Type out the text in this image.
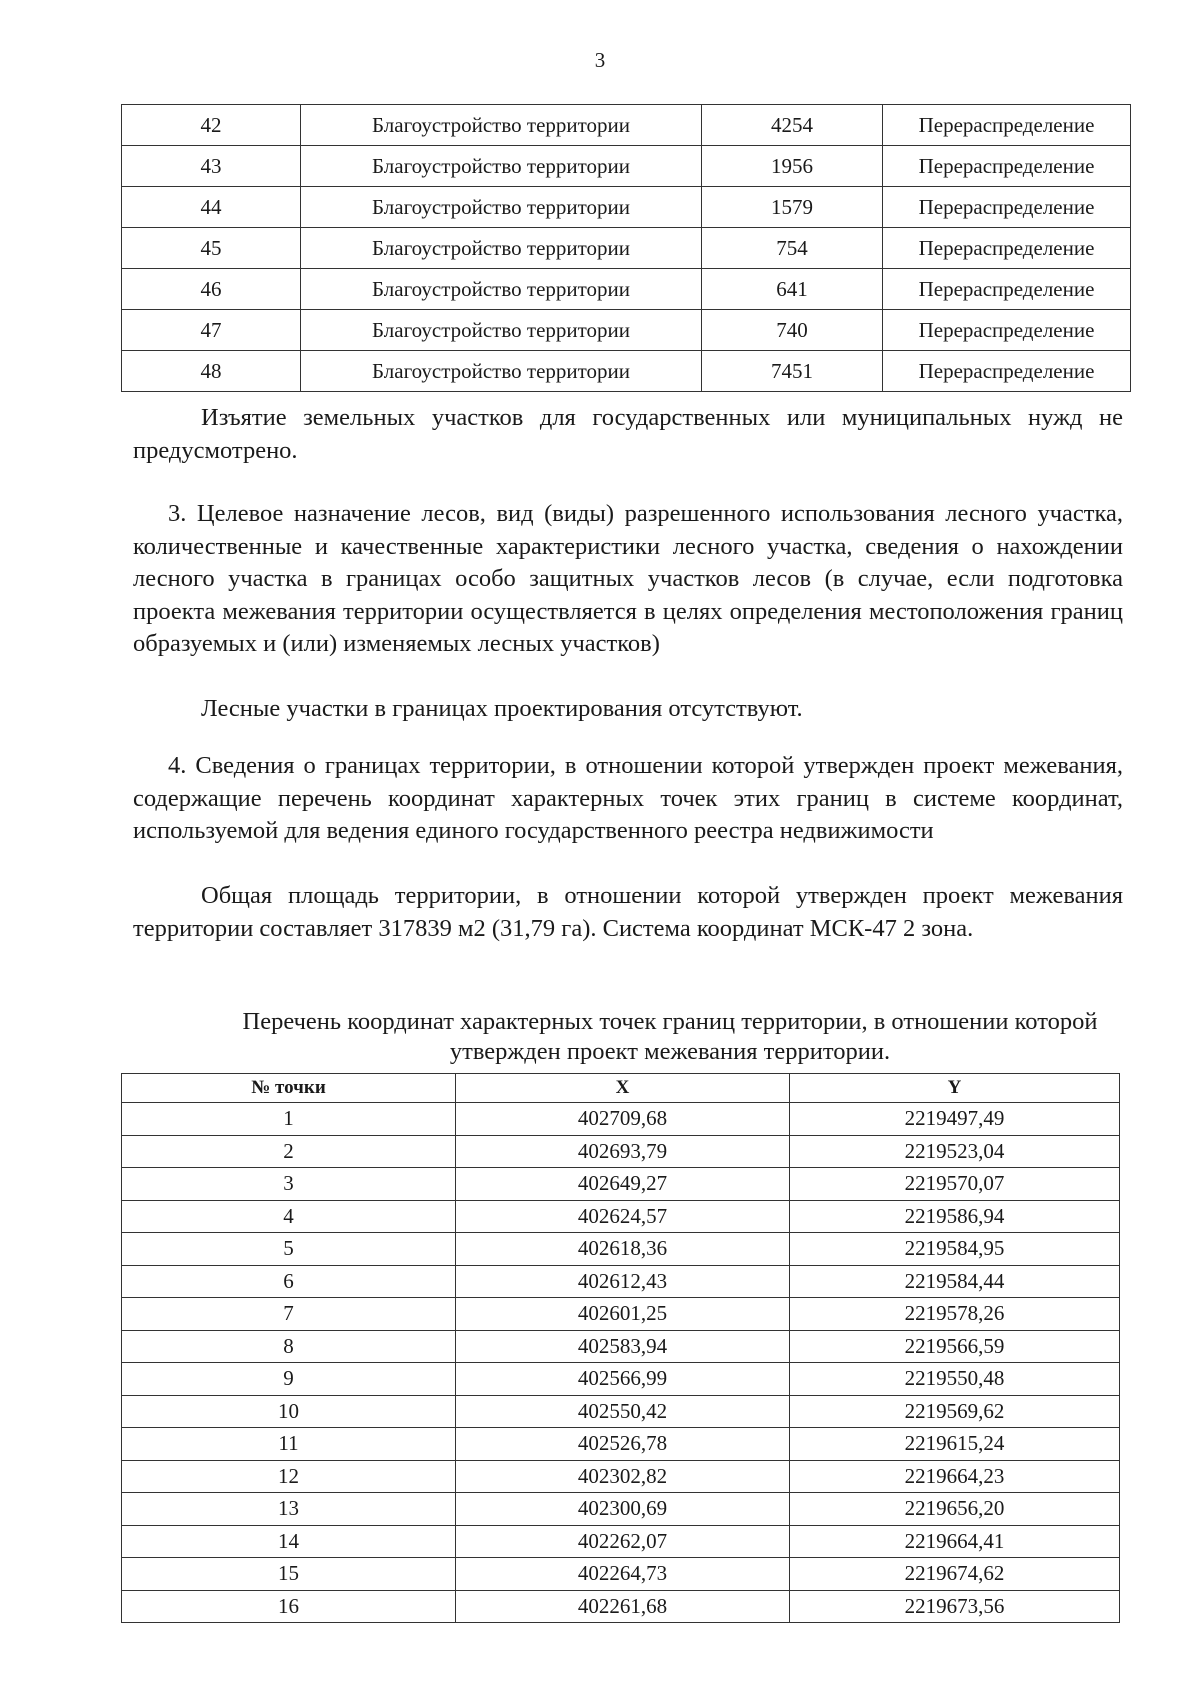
3
42	Благоустройство территории	4254	Перераспределение
43	Благоустройство территории	1956	Перераспределение
44	Благоустройство территории	1579	Перераспределение
45	Благоустройство территории	754	Перераспределение
46	Благоустройство территории	641	Перераспределение
47	Благоустройство территории	740	Перераспределение
48	Благоустройство территории	7451	Перераспределение
Изъятие земельных участков для государственных или муниципальных нужд не предусмотрено.
3. Целевое назначение лесов, вид (виды) разрешенного использования лесного участка, количественные и качественные характеристики лесного участка, сведения о нахождении лесного участка в границах особо защитных участков лесов (в случае, если подготовка проекта межевания территории осуществляется в целях определения местоположения границ образуемых и (или) изменяемых лесных участков)
Лесные участки в границах проектирования отсутствуют.
4. Сведения о границах территории, в отношении которой утвержден проект межевания, содержащие перечень координат характерных точек этих границ в системе координат, используемой для ведения единого государственного реестра недвижимости
Общая площадь территории, в отношении которой утвержден проект межевания территории составляет 317839 м2 (31,79 га). Система координат МСК-47 2 зона.
Перечень координат характерных точек границ территории, в отношении которой утвержден проект межевания территории.
№ точки	X	Y
1	402709,68	2219497,49
2	402693,79	2219523,04
3	402649,27	2219570,07
4	402624,57	2219586,94
5	402618,36	2219584,95
6	402612,43	2219584,44
7	402601,25	2219578,26
8	402583,94	2219566,59
9	402566,99	2219550,48
10	402550,42	2219569,62
11	402526,78	2219615,24
12	402302,82	2219664,23
13	402300,69	2219656,20
14	402262,07	2219664,41
15	402264,73	2219674,62
16	402261,68	2219673,56
